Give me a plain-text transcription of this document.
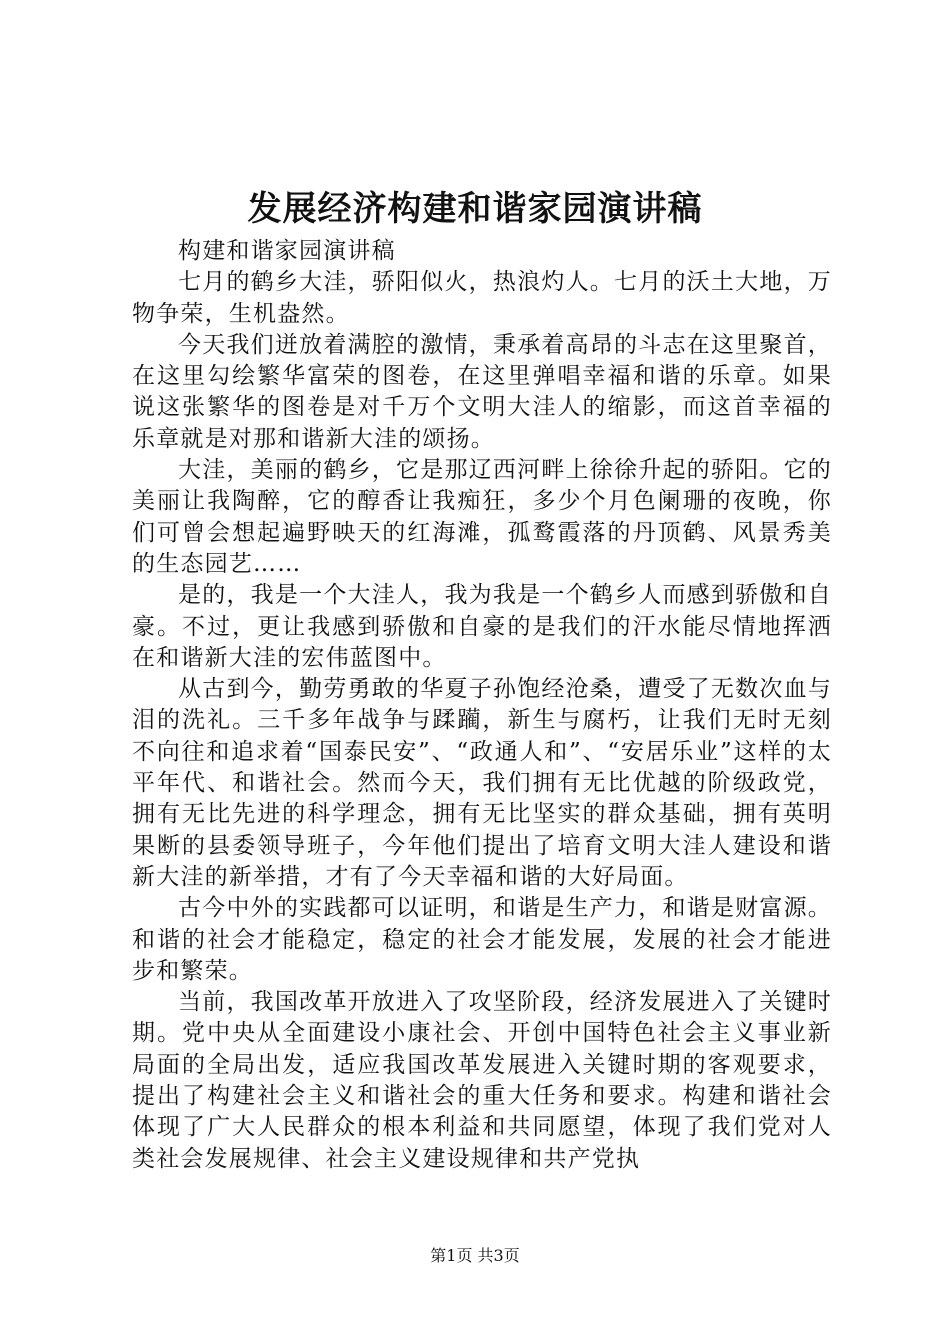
发展经济构建和谐家园演讲稿

构建和谐家园演讲稿

七月的鹤乡大洼，骄阳似火，热浪灼人。七月的沃土大地，万物争荣，生机盎然。

今天我们迸放着满腔的激情，秉承着高昂的斗志在这里聚首，在这里勾绘繁华富荣的图卷，在这里弹唱幸福和谐的乐章。如果说这张繁华的图卷是对千万个文明大洼人的缩影，而这首幸福的乐章就是对那和谐新大洼的颂扬。

大洼，美丽的鹤乡，它是那辽西河畔上徐徐升起的骄阳。它的美丽让我陶醉，它的醇香让我痴狂，多少个月色阑珊的夜晚，你们可曾会想起遍野映天的红海滩，孤鹜霞落的丹顶鹤、风景秀美的生态园艺……

是的，我是一个大洼人，我为我是一个鹤乡人而感到骄傲和自豪。不过，更让我感到骄傲和自豪的是我们的汗水能尽情地挥洒在和谐新大洼的宏伟蓝图中。

从古到今，勤劳勇敢的华夏子孙饱经沧桑，遭受了无数次血与泪的洗礼。三千多年战争与蹂躏，新生与腐朽，让我们无时无刻不向往和追求着“国泰民安”、“政通人和”、“安居乐业”这样的太平年代、和谐社会。然而今天，我们拥有无比优越的阶级政党，拥有无比先进的科学理念，拥有无比坚实的群众基础，拥有英明果断的县委领导班子，今年他们提出了培育文明大洼人建设和谐新大洼的新举措，才有了今天幸福和谐的大好局面。

古今中外的实践都可以证明，和谐是生产力，和谐是财富源。和谐的社会才能稳定，稳定的社会才能发展，发展的社会才能进步和繁荣。

当前，我国改革开放进入了攻坚阶段，经济发展进入了关键时期。党中央从全面建设小康社会、开创中国特色社会主义事业新局面的全局出发，适应我国改革发展进入关键时期的客观要求，提出了构建社会主义和谐社会的重大任务和要求。构建和谐社会体现了广大人民群众的根本利益和共同愿望，体现了我们党对人类社会发展规律、社会主义建设规律和共产党执

第1页 共3页
